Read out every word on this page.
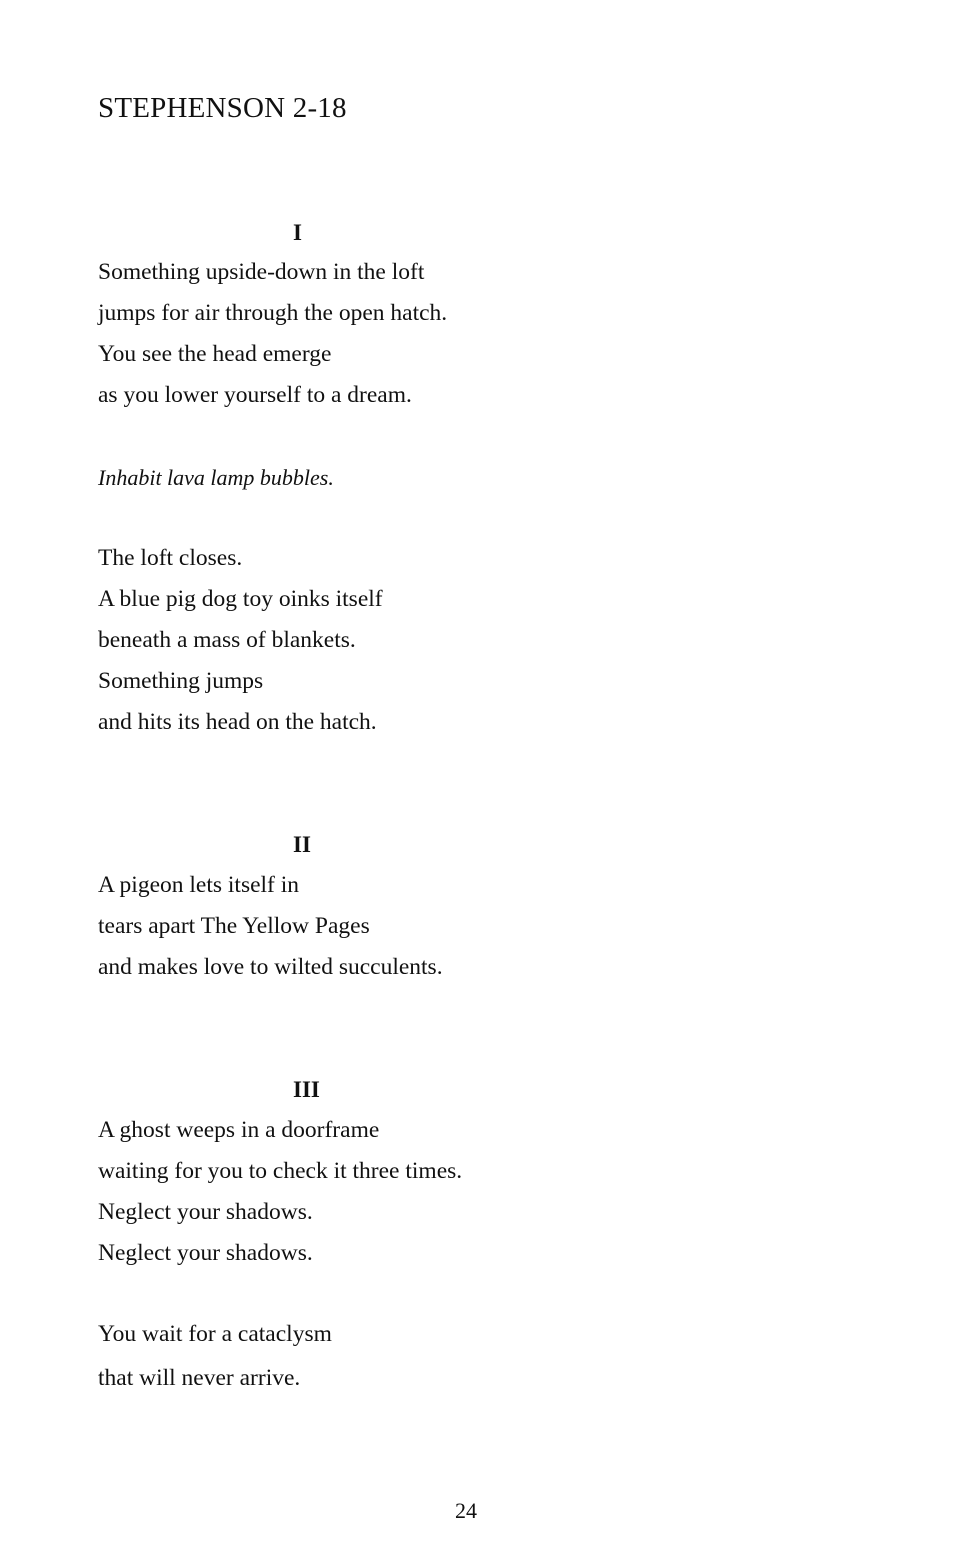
STEPHENSON 2-18
I
Something upside-down in the loft
jumps for air through the open hatch.
You see the head emerge
as you lower yourself to a dream.
Inhabit lava lamp bubbles.
The loft closes.
A blue pig dog toy oinks itself
beneath a mass of blankets.
Something jumps
and hits its head on the hatch.
II
A pigeon lets itself in
tears apart The Yellow Pages
and makes love to wilted succulents.
III
A ghost weeps in a doorframe
waiting for you to check it three times.
Neglect your shadows.
Neglect your shadows.
You wait for a cataclysm
that will never arrive.
24
